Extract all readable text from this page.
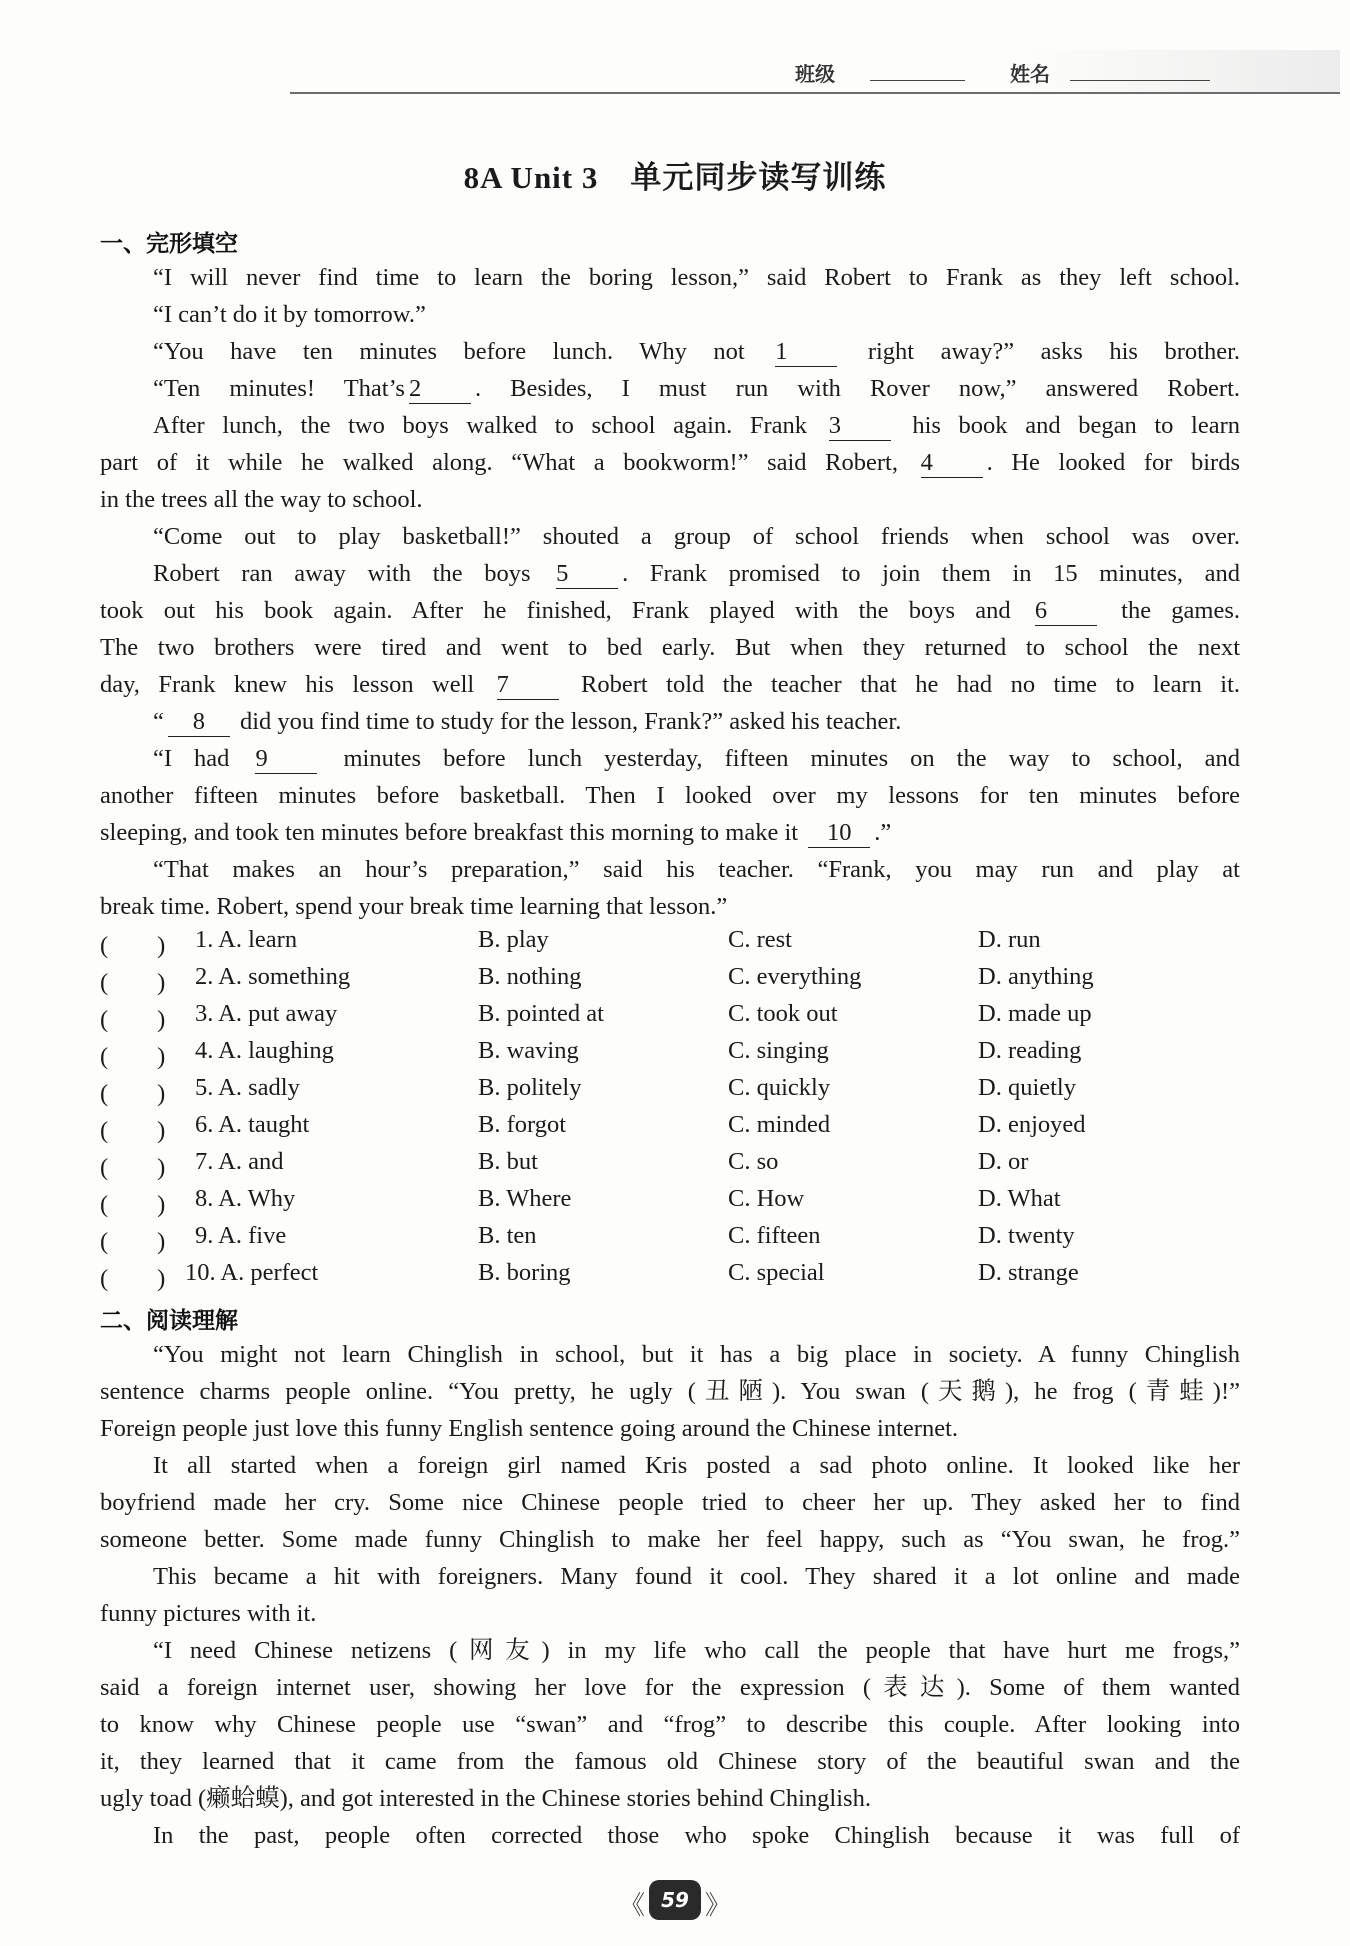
班级	姓名
8A Unit 3　单元同步读写训练
一、完形填空
“I will never find time to learn the boring lesson,” said Robert to Frank as they left school.
“I can’t do it by tomorrow.”
“You have ten minutes before lunch. Why not 1	right away?” asks his brother.
“Ten minutes! That’s 2 . Besides, I must run with Rover now,” answered Robert.
After lunch, the two boys walked to school again. Frank 3	his book and began to learn
part of it while he walked along. “What a bookworm!” said Robert, 4 . He looked for birds
in the trees all the way to school.
“Come out to play basketball!” shouted a group of school friends when school was over.
Robert ran away with the boys 5 . Frank promised to join them in 15 minutes, and
took out his book again. After he finished, Frank played with the boys and 6	the games.
The two brothers were tired and went to bed early. But when they returned to school the next
day, Frank knew his lesson well 7	Robert told the teacher that he had no time to learn it.
“ 8 did you find time to study for the lesson, Frank?” asked his teacher.
“I had 9	minutes before lunch yesterday, fifteen minutes on the way to school, and
another fifteen minutes before basketball. Then I looked over my lessons for ten minutes before
sleeping, and took ten minutes before breakfast this morning to make it 10 .”
“That makes an hour’s preparation,” said his teacher. “Frank, you may run and play at
break time. Robert, spend your break time learning that lesson.”
(　　) 1. A. learn	B. play	C. rest	D. run
(　　) 2. A. something	B. nothing	C. everything	D. anything
(　　) 3. A. put away	B. pointed at	C. took out	D. made up
(　　) 4. A. laughing	B. waving	C. singing	D. reading
(　　) 5. A. sadly	B. politely	C. quickly	D. quietly
(　　) 6. A. taught	B. forgot	C. minded	D. enjoyed
(　　) 7. A. and	B. but	C. so	D. or
(　　) 8. A. Why	B. Where	C. How	D. What
(　　) 9. A. five	B. ten	C. fifteen	D. twenty
(　　) 10. A. perfect	B. boring	C. special	D. strange
二、阅读理解
“You might not learn Chinglish in school, but it has a big place in society. A funny Chinglish
sentence charms people online. “You pretty, he ugly (丑陋). You swan (天鹅), he frog (青蛙)!”
Foreign people just love this funny English sentence going around the Chinese internet.
It all started when a foreign girl named Kris posted a sad photo online. It looked like her
boyfriend made her cry. Some nice Chinese people tried to cheer her up. They asked her to find
someone better. Some made funny Chinglish to make her feel happy, such as “You swan, he frog.”
This became a hit with foreigners. Many found it cool. They shared it a lot online and made
funny pictures with it.
“I need Chinese netizens (网友) in my life who call the people that have hurt me frogs,”
said a foreign internet user, showing her love for the expression (表达). Some of them wanted
to know why Chinese people use “swan” and “frog” to describe this couple. After looking into
it, they learned that it came from the famous old Chinese story of the beautiful swan and the
ugly toad (癞蛤蟆), and got interested in the Chinese stories behind Chinglish.
In the past, people often corrected those who spoke Chinglish because it was full of
《 59 》
